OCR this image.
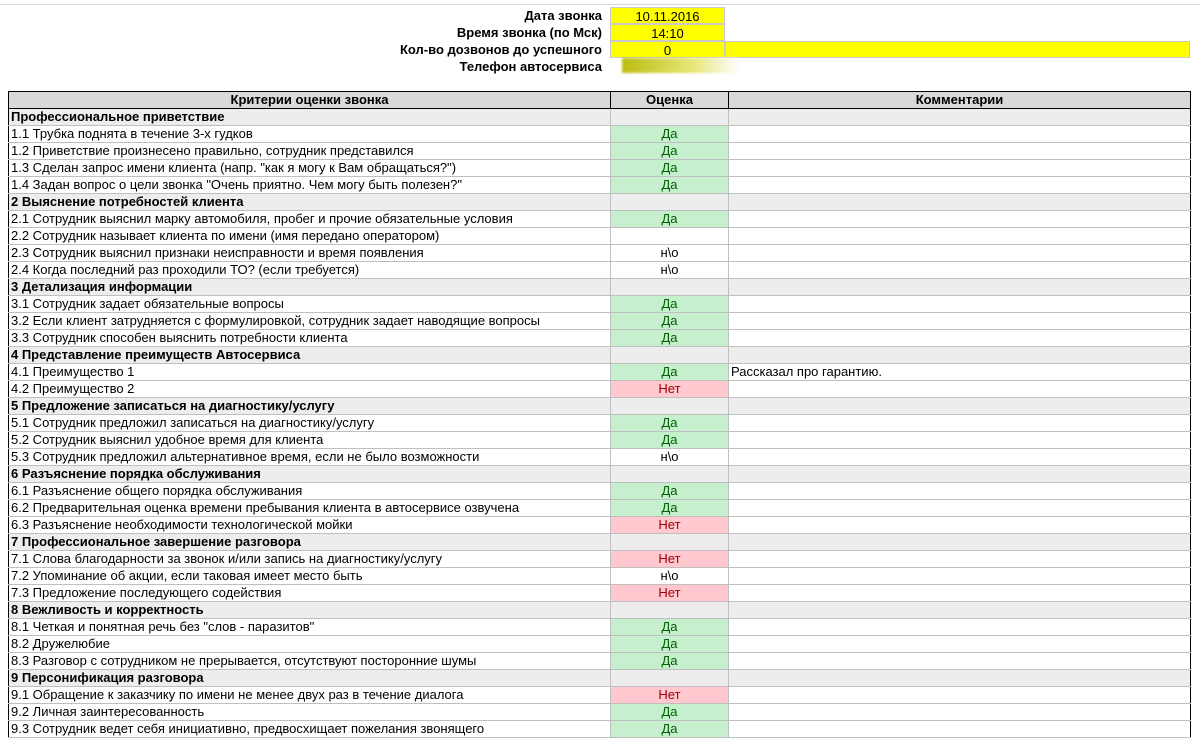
Дата звонка	10.11.2016
Время звонка (по Мск)	14:10
Кол-во дозвонов до успешного	0
Телефон автосервиса
Критерии оценки звонка	Оценка	Комментарии
Профессиональное приветствие		
1.1 Трубка поднята в течение 3-х гудков	Да	
1.2 Приветствие произнесено правильно, сотрудник представился	Да	
1.3 Сделан запрос имени клиента (напр. "как я могу к Вам обращаться?")	Да	
1.4 Задан вопрос о цели звонка "Очень приятно. Чем могу быть полезен?"	Да	
2 Выяснение потребностей клиента		
2.1 Сотрудник выяснил марку автомобиля, пробег и прочие обязательные условия	Да	
2.2 Сотрудник называет клиента по имени (имя передано оператором)		
2.3 Сотрудник выяснил признаки неисправности и время появления	н\о	
2.4 Когда последний раз проходили ТО? (если требуется)	н\о	
3 Детализация информации		
3.1 Сотрудник задает обязательные вопросы	Да	
3.2 Если клиент затрудняется с формулировкой, сотрудник задает наводящие вопросы	Да	
3.3 Сотрудник способен выяснить потребности клиента	Да	
4 Представление преимуществ Автосервиса		
4.1 Преимущество 1	Да	Рассказал про гарантию.
4.2 Преимущество 2	Нет	
5 Предложение записаться на диагностику/услугу		
5.1 Сотрудник предложил записаться на диагностику/услугу	Да	
5.2 Сотрудник выяснил удобное время для клиента	Да	
5.3 Сотрудник предложил альтернативное время, если не было возможности	н\о	
6 Разъяснение порядка обслуживания		
6.1 Разъяснение общего порядка обслуживания	Да	
6.2 Предварительная оценка времени пребывания клиента в автосервисе озвучена	Да	
6.3 Разъяснение необходимости технологической мойки	Нет	
7 Профессиональное завершение разговора		
7.1 Слова благодарности за звонок и/или запись на диагностику/услугу	Нет	
7.2 Упоминание об акции, если таковая имеет место быть	н\о	
7.3 Предложение последующего содействия	Нет	
8 Вежливость и корректность		
8.1 Четкая и понятная речь без "слов - паразитов"	Да	
8.2 Дружелюбие	Да	
8.3 Разговор с сотрудником не прерывается, отсутствуют посторонние шумы	Да	
9 Персонификация разговора		
9.1 Обращение к заказчику по имени не менее двух раз в течение диалога	Нет	
9.2 Личная заинтересованность	Да	
9.3 Сотрудник ведет себя инициативно, предвосхищает пожелания звонящего	Да	
